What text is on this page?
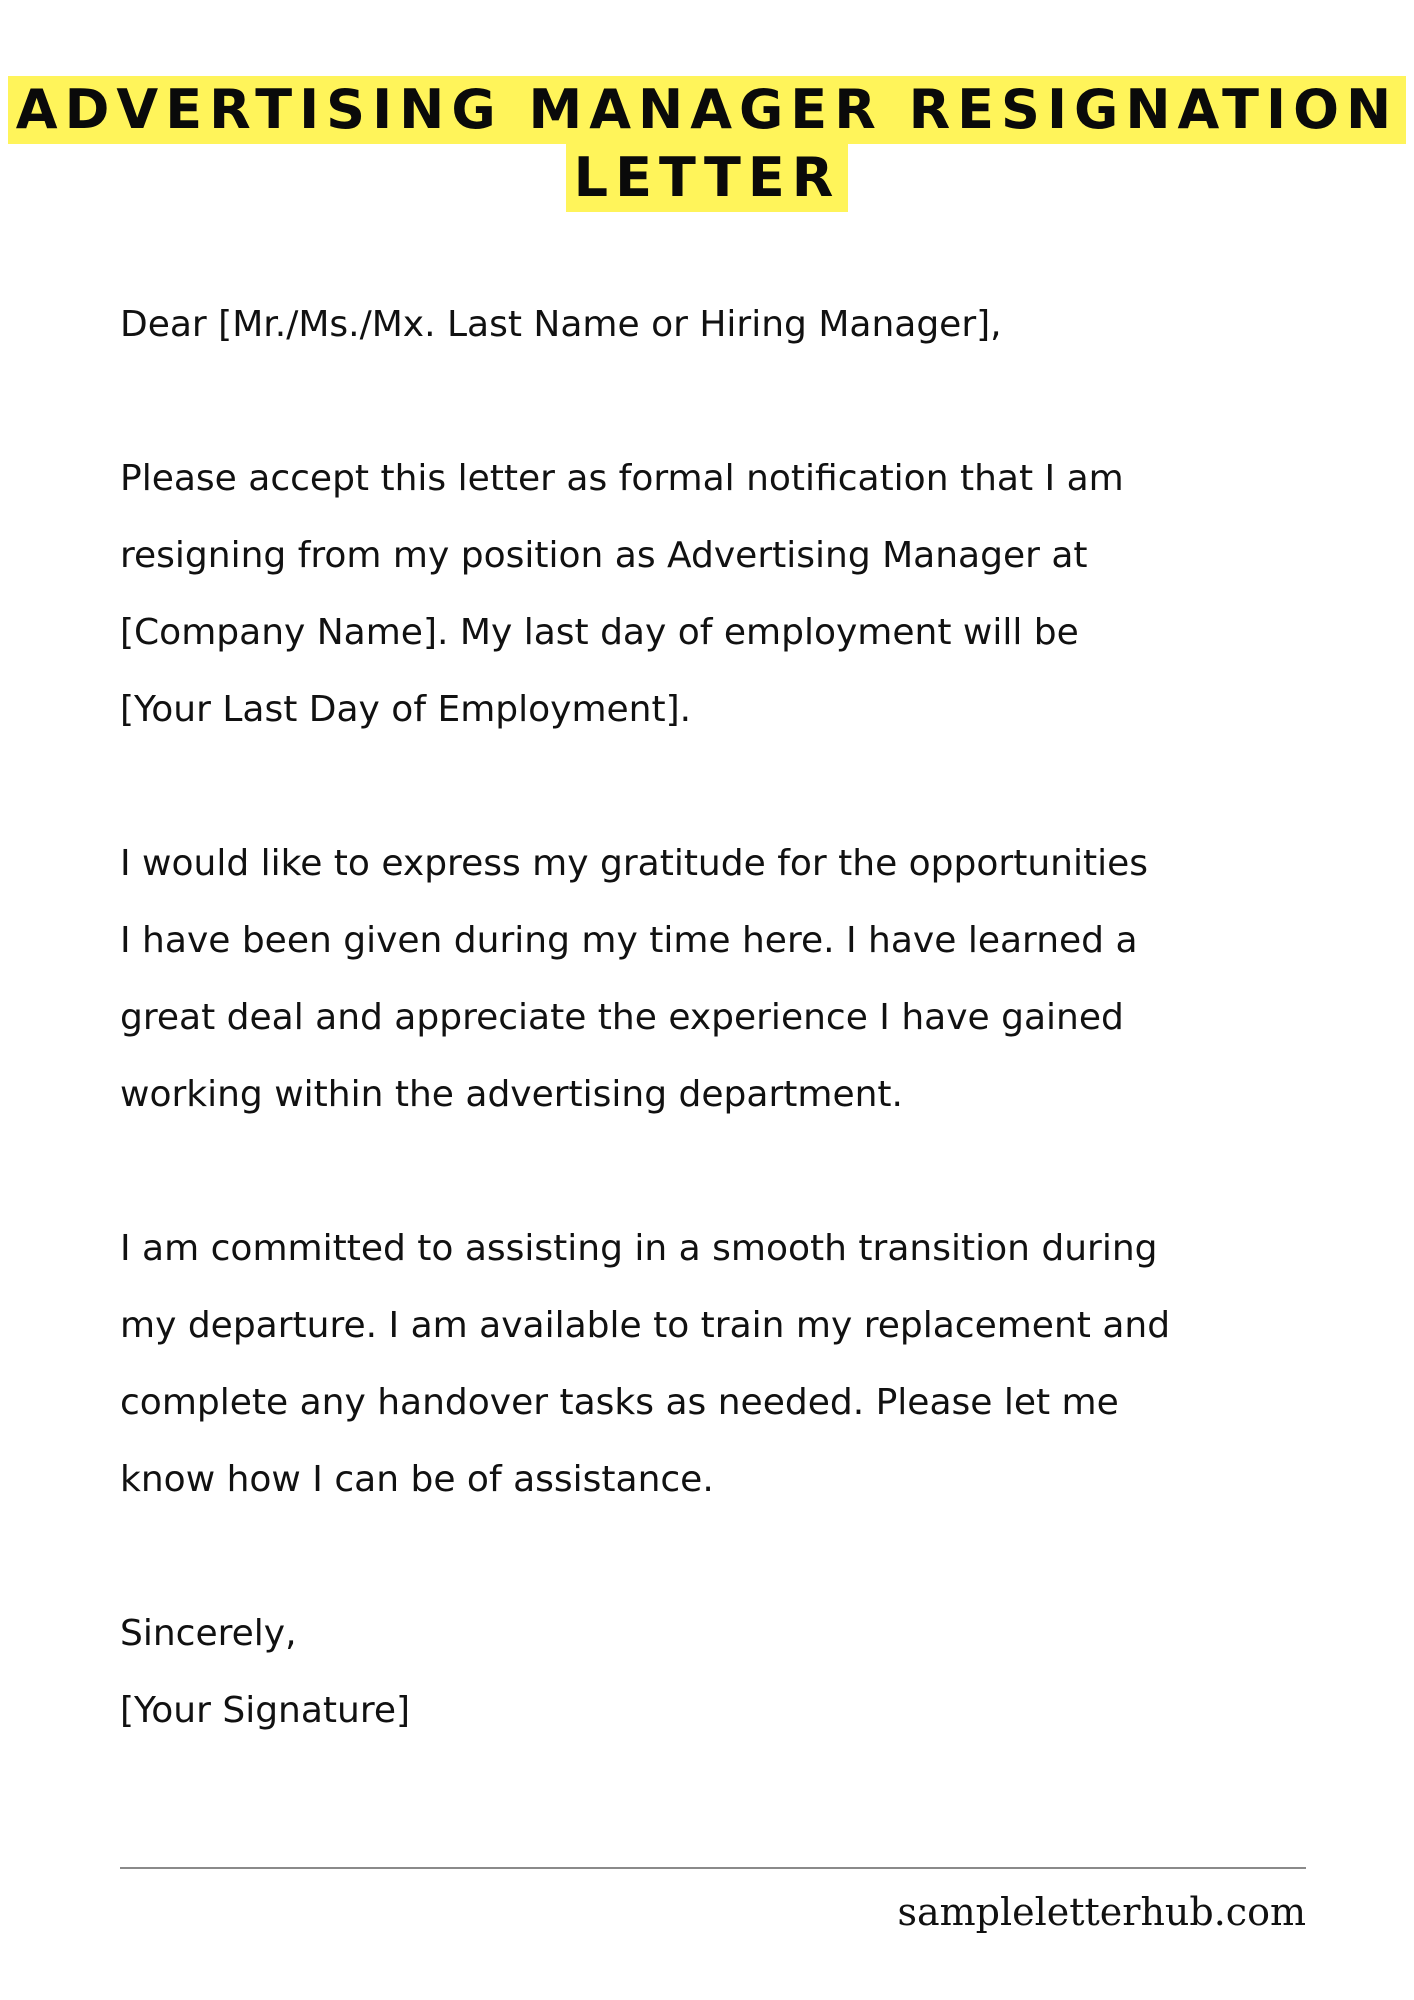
ADVERTISING MANAGER RESIGNATION
LETTER

Dear [Mr./Ms./Mx. Last Name or Hiring Manager],

Please accept this letter as formal notification that I am
resigning from my position as Advertising Manager at
[Company Name]. My last day of employment will be
[Your Last Day of Employment].

I would like to express my gratitude for the opportunities
I have been given during my time here. I have learned a
great deal and appreciate the experience I have gained
working within the advertising department.

I am committed to assisting in a smooth transition during
my departure. I am available to train my replacement and
complete any handover tasks as needed. Please let me
know how I can be of assistance.

Sincerely,

[Your Signature]

sampleletterhub.com
